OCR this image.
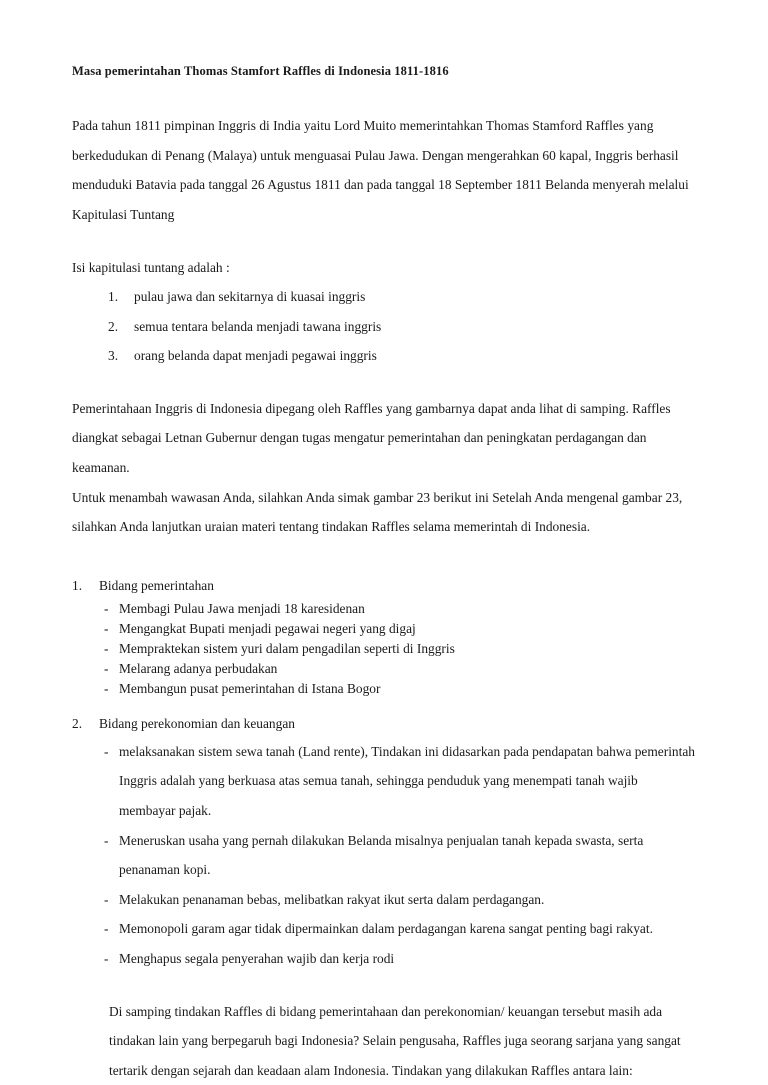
Masa pemerintahan Thomas Stamfort Raffles di Indonesia 1811-1816

Pada tahun 1811 pimpinan Inggris di India yaitu Lord Muito memerintahkan Thomas Stamford Raffles yang berkedudukan di Penang (Malaya) untuk menguasai Pulau Jawa. Dengan mengerahkan 60 kapal, Inggris berhasil menduduki Batavia pada tanggal 26 Agustus 1811 dan pada tanggal 18 September 1811 Belanda menyerah melalui Kapitulasi Tuntang

Isi kapitulasi tuntang adalah :

1. pulau jawa dan sekitarnya di kuasai inggris
2. semua tentara belanda menjadi tawana inggris
3. orang belanda dapat menjadi pegawai inggris

Pemerintahaan Inggris di Indonesia dipegang oleh Raffles yang gambarnya dapat anda lihat di samping. Raffles diangkat sebagai Letnan Gubernur dengan tugas mengatur pemerintahan dan peningkatan perdagangan dan keamanan.

Untuk menambah wawasan Anda, silahkan Anda simak gambar 23 berikut ini Setelah Anda mengenal gambar 23, silahkan Anda lanjutkan uraian materi tentang tindakan Raffles selama memerintah di Indonesia.

1. Bidang pemerintahan
- Membagi Pulau Jawa menjadi 18 karesidenan
- Mengangkat Bupati menjadi pegawai negeri yang digaj
- Mempraktekan sistem yuri dalam pengadilan seperti di Inggris
- Melarang adanya perbudakan
- Membangun pusat pemerintahan di Istana Bogor
2. Bidang perekonomian dan keuangan
- melaksanakan sistem sewa tanah (Land rente), Tindakan ini didasarkan pada pendapatan bahwa pemerintah Inggris adalah yang berkuasa atas semua tanah, sehingga penduduk yang menempati tanah wajib membayar pajak.
- Meneruskan usaha yang pernah dilakukan Belanda misalnya penjualan tanah kepada swasta, serta penanaman kopi.
- Melakukan penanaman bebas, melibatkan rakyat ikut serta dalam perdagangan.
- Memonopoli garam agar tidak dipermainkan dalam perdagangan karena sangat penting bagi rakyat.
- Menghapus segala penyerahan wajib dan kerja rodi

Di samping tindakan Raffles di bidang pemerintahaan dan perekonomian/ keuangan tersebut masih ada tindakan lain yang berpegaruh bagi Indonesia? Selain pengusaha, Raffles juga seorang sarjana yang sangat tertarik dengan sejarah dan keadaan alam Indonesia. Tindakan yang dilakukan Raffles antara lain:
